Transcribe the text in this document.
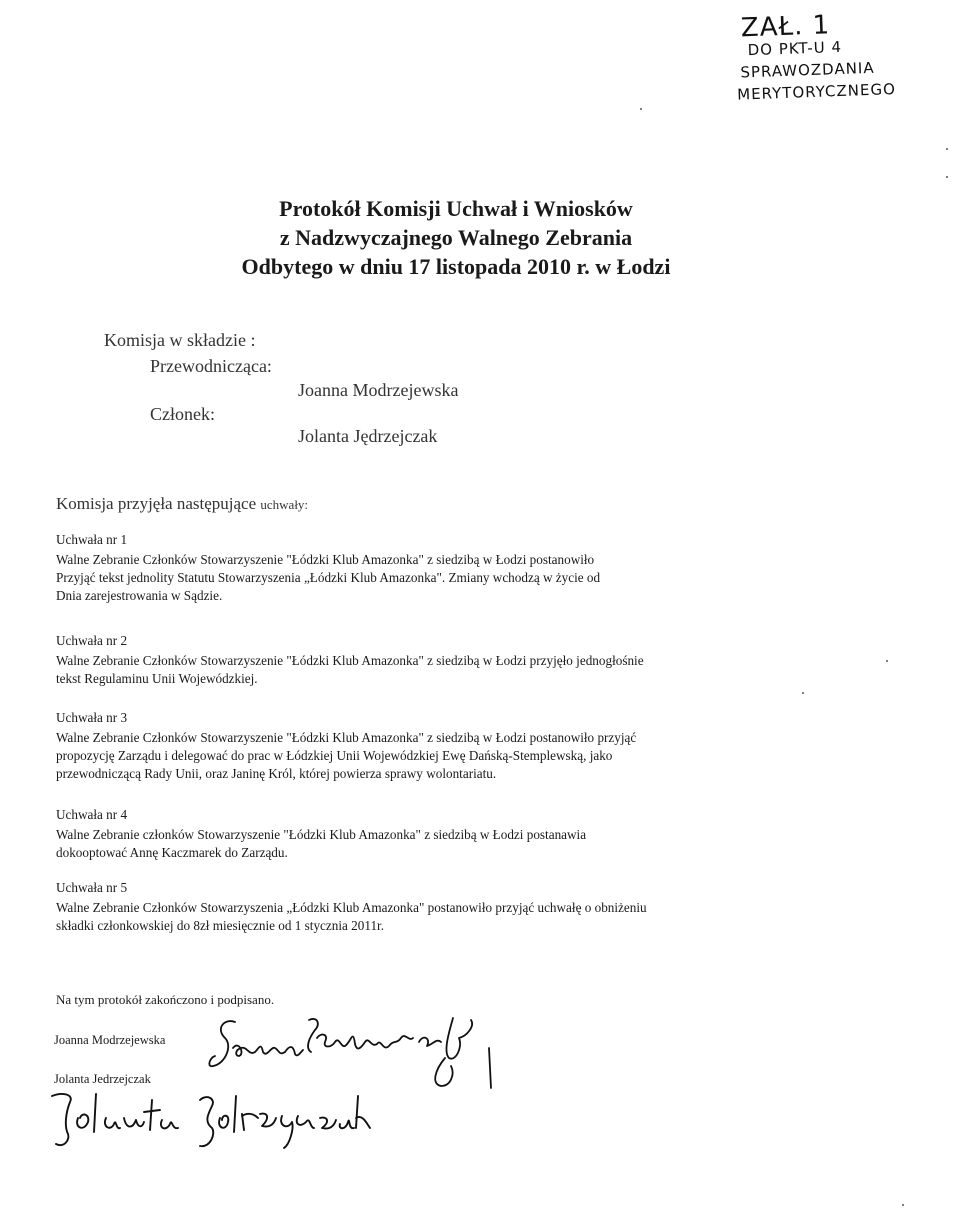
ZAŁ. 1
DO PKT-U 4
SPRAWOZDANIA
MERYTORYCZNEGO
Protokół Komisji Uchwał i Wniosków
z Nadzwyczajnego Walnego Zebrania
Odbytego w dniu 17 listopada 2010 r. w Łodzi
Komisja w składzie :
Przewodnicząca:
Joanna Modrzejewska
Członek:
Jolanta Jędrzejczak
Komisja przyjęła następujące uchwały:
Uchwała nr 1
Walne Zebranie Członków Stowarzyszenie "Łódzki Klub Amazonka" z siedzibą w Łodzi postanowiło
Przyjąć tekst jednolity Statutu Stowarzyszenia „Łódzki Klub Amazonka". Zmiany wchodzą w życie od
Dnia zarejestrowania w Sądzie.
Uchwała nr 2
Walne Zebranie Członków Stowarzyszenie "Łódzki Klub Amazonka" z siedzibą w Łodzi przyjęło jednogłośnie
tekst Regulaminu Unii Wojewódzkiej.
Uchwała nr 3
Walne Zebranie Członków Stowarzyszenie "Łódzki Klub Amazonka" z siedzibą w Łodzi postanowiło przyjąć
propozycję Zarządu i delegować do prac w Łódzkiej Unii Wojewódzkiej Ewę Dańską-Stemplewską, jako
przewodniczącą Rady Unii, oraz Janinę Król, której powierza sprawy wolontariatu.
Uchwała nr 4
Walne Zebranie członków Stowarzyszenie "Łódzki Klub Amazonka" z siedzibą w Łodzi postanawia
dokooptować Annę Kaczmarek do Zarządu.
Uchwała nr 5
Walne Zebranie Członków Stowarzyszenia „Łódzki Klub Amazonka" postanowiło przyjąć uchwałę o obniżeniu
składki członkowskiej do 8zł miesięcznie od 1 stycznia 2011r.
Na tym protokół zakończono i podpisano.
Joanna Modrzejewska
Jolanta Jedrzejczak
